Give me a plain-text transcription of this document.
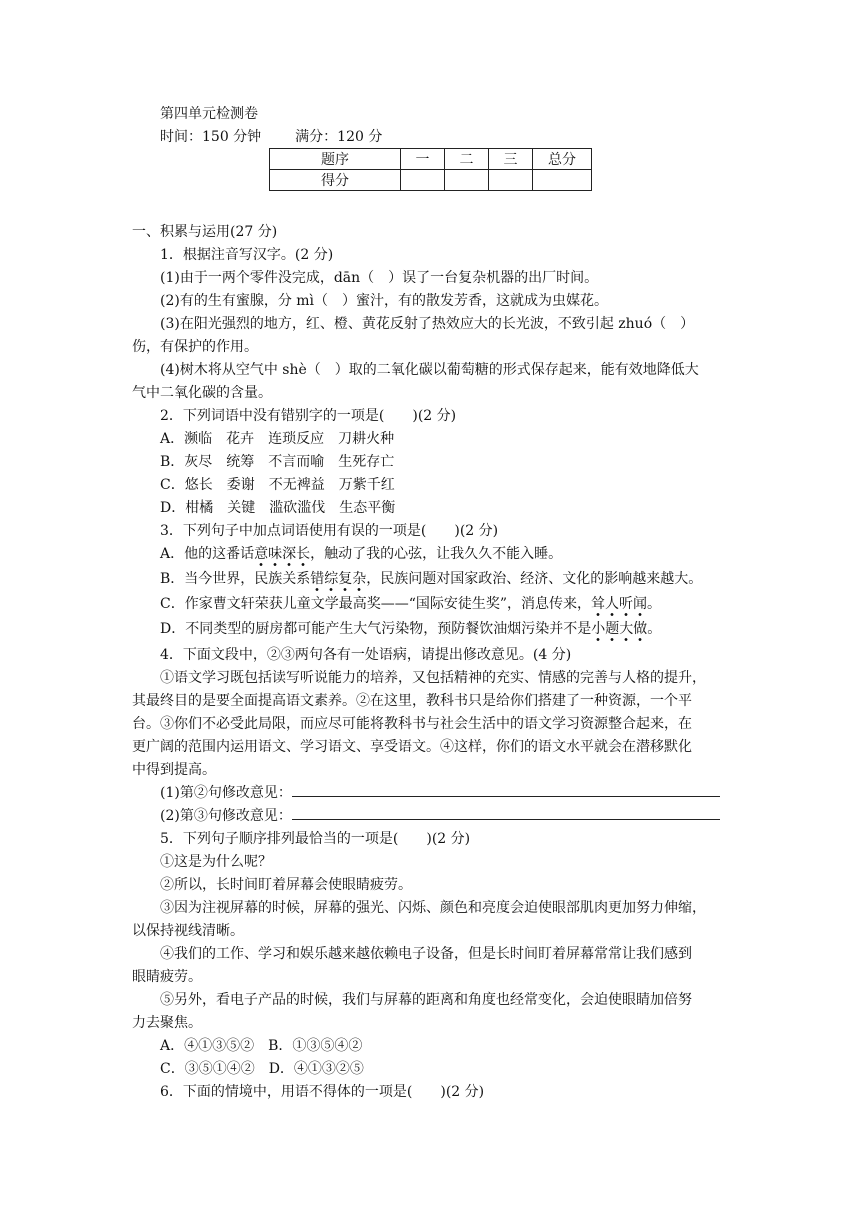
第四单元检测卷
时间：150 分钟 满分：120 分
题序	一	二	三	总分
得分				
一、积累与运用(27 分)
1．根据注音写汉字。(2 分)
(1)由于一两个零件没完成，dān（　）误了一台复杂机器的出厂时间。
(2)有的生有蜜腺，分 mì（　）蜜汁，有的散发芳香，这就成为虫媒花。
(3)在阳光强烈的地方，红、橙、黄花反射了热效应大的长光波，不致引起 zhuó（　）
伤，有保护的作用。
(4)树木将从空气中 shè（　）取的二氧化碳以葡萄糖的形式保存起来，能有效地降低大
气中二氧化碳的含量。
2．下列词语中没有错别字的一项是(　　)(2 分)
A．濒临　花卉　连琐反应　刀耕火种
B．灰尽　统筹　不言而喻　生死存亡
C．悠长　委谢　不无裨益　万紫千红
D．柑橘　关键　滥砍滥伐　生态平衡
3．下列句子中加点词语使用有误的一项是(　　)(2 分)
A．他的这番话意味深长，触动了我的心弦，让我久久不能入睡。
B．当今世界，民族关系错综复杂，民族问题对国家政治、经济、文化的影响越来越大。
C．作家曹文轩荣获儿童文学最高奖——“国际安徒生奖”，消息传来，耸人听闻。
D．不同类型的厨房都可能产生大气污染物，预防餐饮油烟污染并不是小题大做。
4．下面文段中，②③两句各有一处语病，请提出修改意见。(4 分)
①语文学习既包括读写听说能力的培养，又包括精神的充实、情感的完善与人格的提升，
其最终目的是要全面提高语文素养。②在这里，教科书只是给你们搭建了一种资源，一个平
台。③你们不必受此局限，而应尽可能将教科书与社会生活中的语文学习资源整合起来，在
更广阔的范围内运用语文、学习语文、享受语文。④这样，你们的语文水平就会在潜移默化
中得到提高。
(1)第②句修改意见：
(2)第③句修改意见：
5．下列句子顺序排列最恰当的一项是(　　)(2 分)
①这是为什么呢？
②所以，长时间盯着屏幕会使眼睛疲劳。
③因为注视屏幕的时候，屏幕的强光、闪烁、颜色和亮度会迫使眼部肌肉更加努力伸缩，
以保持视线清晰。
④我们的工作、学习和娱乐越来越依赖电子设备，但是长时间盯着屏幕常常让我们感到
眼睛疲劳。
⑤另外，看电子产品的时候，我们与屏幕的距离和角度也经常变化，会迫使眼睛加倍努
力去聚焦。
A．④①③⑤②　B．①③⑤④②
C．③⑤①④②　D．④①③②⑤
6．下面的情境中，用语不得体的一项是(　　)(2 分)
